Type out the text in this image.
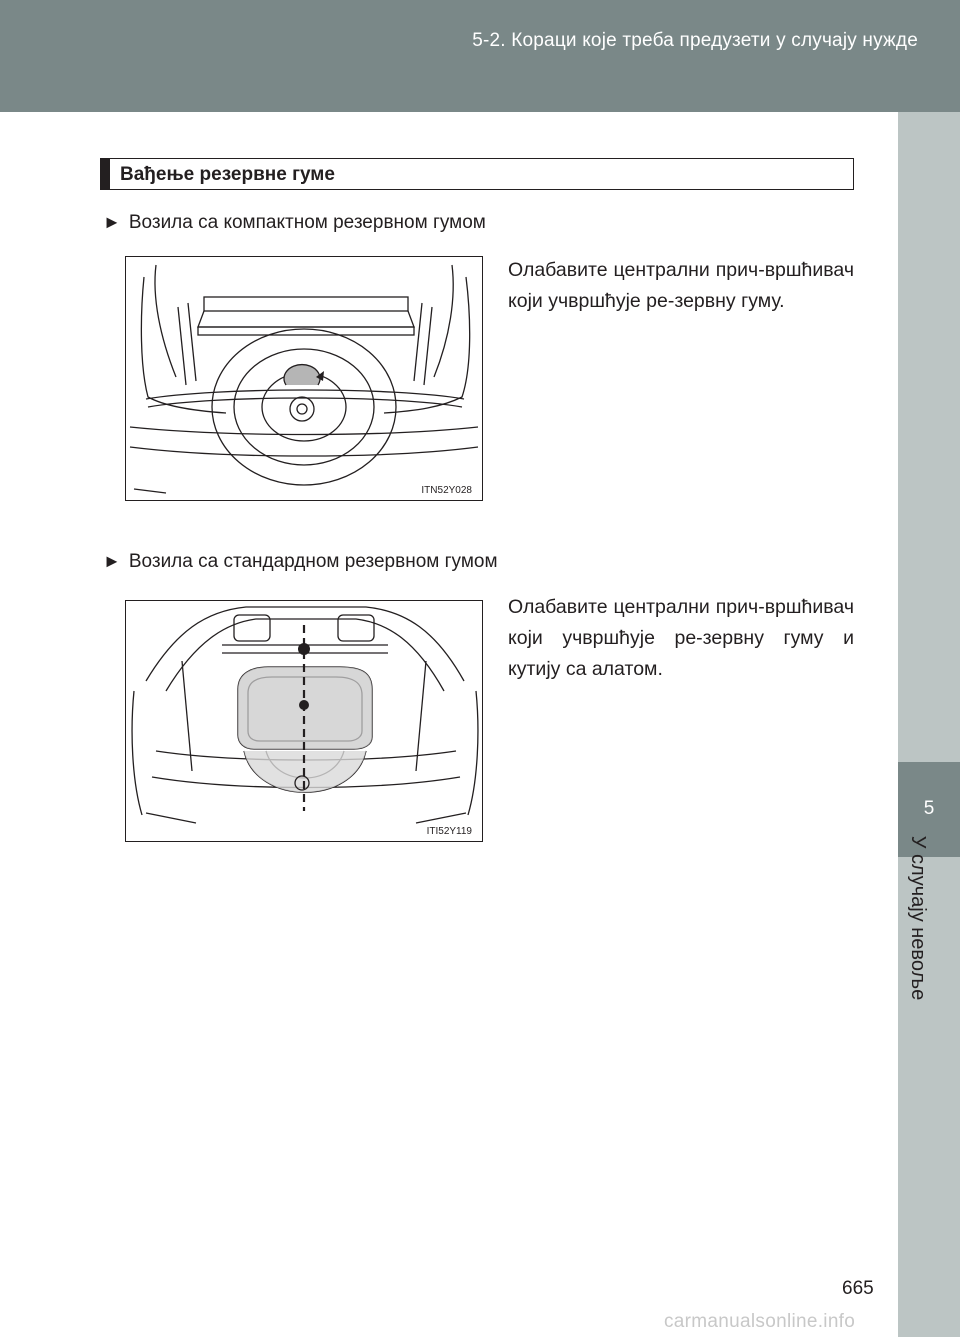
5-2. Кораци које треба предузети у случају нужде
5
У случају невоље
Вађење резервне гуме
► Возила са компактном резервном гумом
Олабавите централни прич-вршћивач који учвршћује ре-зервну гуму.
ITN52Y028
► Возила са стандардном резервном гумом
Олабавите централни прич-вршћивач који учвршћује ре-зервну гуму и кутију са алатом.
ITI52Y119
665
carmanualsonline.info
